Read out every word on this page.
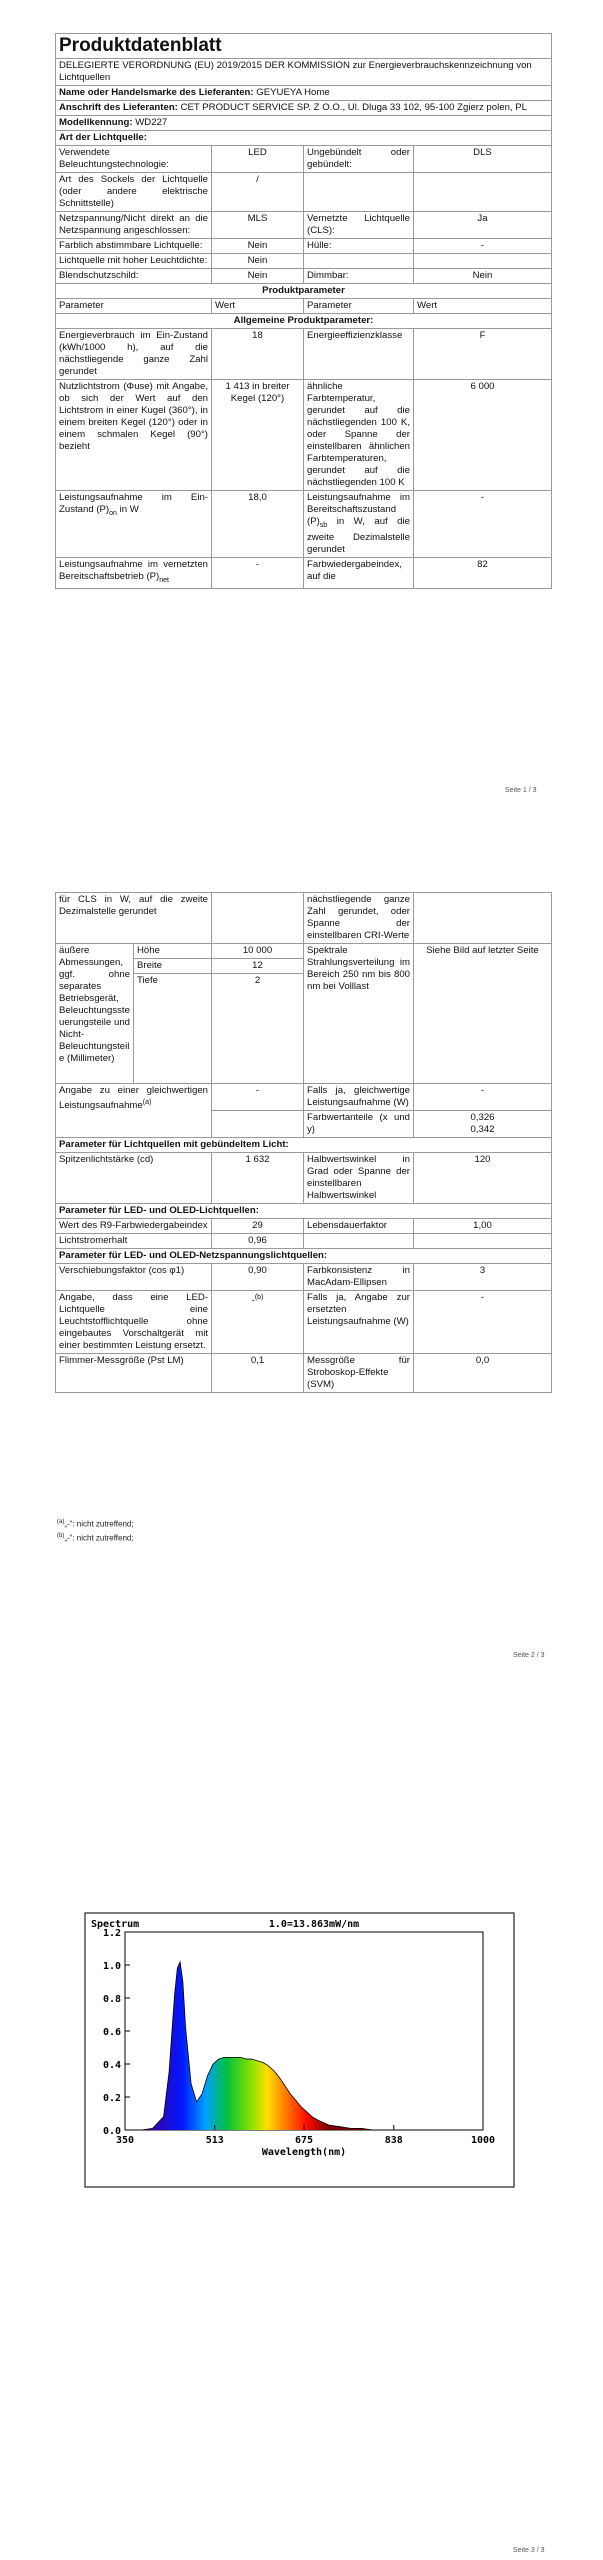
Produktdatenblatt			
DELEGIERTE VERORDNUNG (EU) 2019/2015 DER KOMMISSION zur Energieverbrauchskennzeichnung von Lichtquellen			
Name oder Handelsmarke des Lieferanten: GEYUEYA Home			
Anschrift des Lieferanten: CET PRODUCT SERVICE SP. Z O.O., Ul. Dluga 33 102, 95-100 Zgierz polen, PL			
Modellkennung: WD227			
Art der Lichtquelle:			
Verwendete Beleuchtungstechnologie:	LED	Ungebündelt oder gebündelt:	DLS
Art des Sockels der Lichtquelle (oder andere elektrische Schnittstelle)	/		
Netzspannung/Nicht direkt an die Netzspannung angeschlossen:	MLS	Vernetzte Lichtquelle (CLS):	Ja
Farblich abstimmbare Lichtquelle:	Nein	Hülle:	-
Lichtquelle mit hoher Leuchtdichte:	Nein		
Blendschutzschild:	Nein	Dimmbar:	Nein
Produktparameter			
Parameter	Wert	Parameter	Wert
Allgemeine Produktparameter:			
Energieverbrauch im Ein-Zustand (kWh/1000 h), auf die nächstliegende ganze Zahl gerundet	18	Energieeffizienzklasse	F
Nutzlichtstrom (Φuse) mit Angabe, ob sich der Wert auf den Lichtstrom in einer Kugel (360°), in einem breiten Kegel (120°) oder in einem schmalen Kegel (90°) bezieht	1 413 in breiter Kegel (120°)	ähnliche Farbtemperatur, gerundet auf die nächstliegenden 100 K, oder Spanne der einstellbaren ähnlichen Farbtemperaturen, gerundet auf die nächstliegenden 100 K	6 000
Leistungsaufnahme im Ein-Zustand $(P)_{on}$ in W	18,0	Leistungsaufnahme im Bereitschaftszustand $(P)_{sb}$ in W, auf die zweite Dezimalstelle gerundet	-
Leistungsaufnahme im vernetzten Bereitschaftsbetrieb $(P)_{net}$	-	Farbwiedergabeindex, auf die	82
Seite 1 / 3
für CLS in W, auf die zweite Dezimalstelle gerundet			nächstliegende ganze Zahl gerundet, oder Spanne der einstellbaren CRI-Werte	
äußere Abmessungen, ggf. ohne separates Betriebsgerät, Beleuchtungssteuerungsteile und Nicht-Beleuchtungsteile (Millimeter)	Höhe	10 000	Spektrale Strahlungsverteilung im Bereich 250 nm bis 800 nm bei Volllast	Siehe Bild auf letzter Seite
	Breite	12		
	Tiefe	2		
Angabe zu einer gleichwertigen Leistungsaufnahme$^{(a)}$		-	Falls ja, gleichwertige Leistungsaufnahme (W)	-
			Farbwertanteile (x und y)	0,326
0,342
Parameter für Lichtquellen mit gebündeltem Licht:				
Spitzenlichtstärke (cd)		1 632	Halbwertswinkel in Grad oder Spanne der einstellbaren Halbwertswinkel	120
Parameter für LED- und OLED-Lichtquellen:				
Wert des R9-Farbwiedergabeindex		29	Lebensdauerfaktor	1,00
Lichtstromerhalt		0,96		
Parameter für LED- und OLED-Netzspannungslichtquellen:				
Verschiebungsfaktor (cos φ1)		0,90	Farbkonsistenz in MacAdam-Ellipsen	3
Angabe, dass eine LED-Lichtquelle eine Leuchtstofflichtquelle ohne eingebautes Vorschaltgerät mit einer bestimmten Leistung ersetzt.		-$^{(b)}$	Falls ja, Angabe zur ersetzten Leistungsaufnahme (W)	-
Flimmer-Messgröße (Pst LM)		0,1	Messgröße für Stroboskop-Effekte (SVM)	0,0
$^{(a)}$„-“: nicht zutreffend;
$^{(b)}$„-“: nicht zutreffend;
Seite 2 / 3
Seite 3 / 3
0.0
0.2
0.4
0.6
0.8
1.0
1.2
350	513	675	838	1000
Spectrum	1.0=13.863mW/nm
Wavelength(nm)
